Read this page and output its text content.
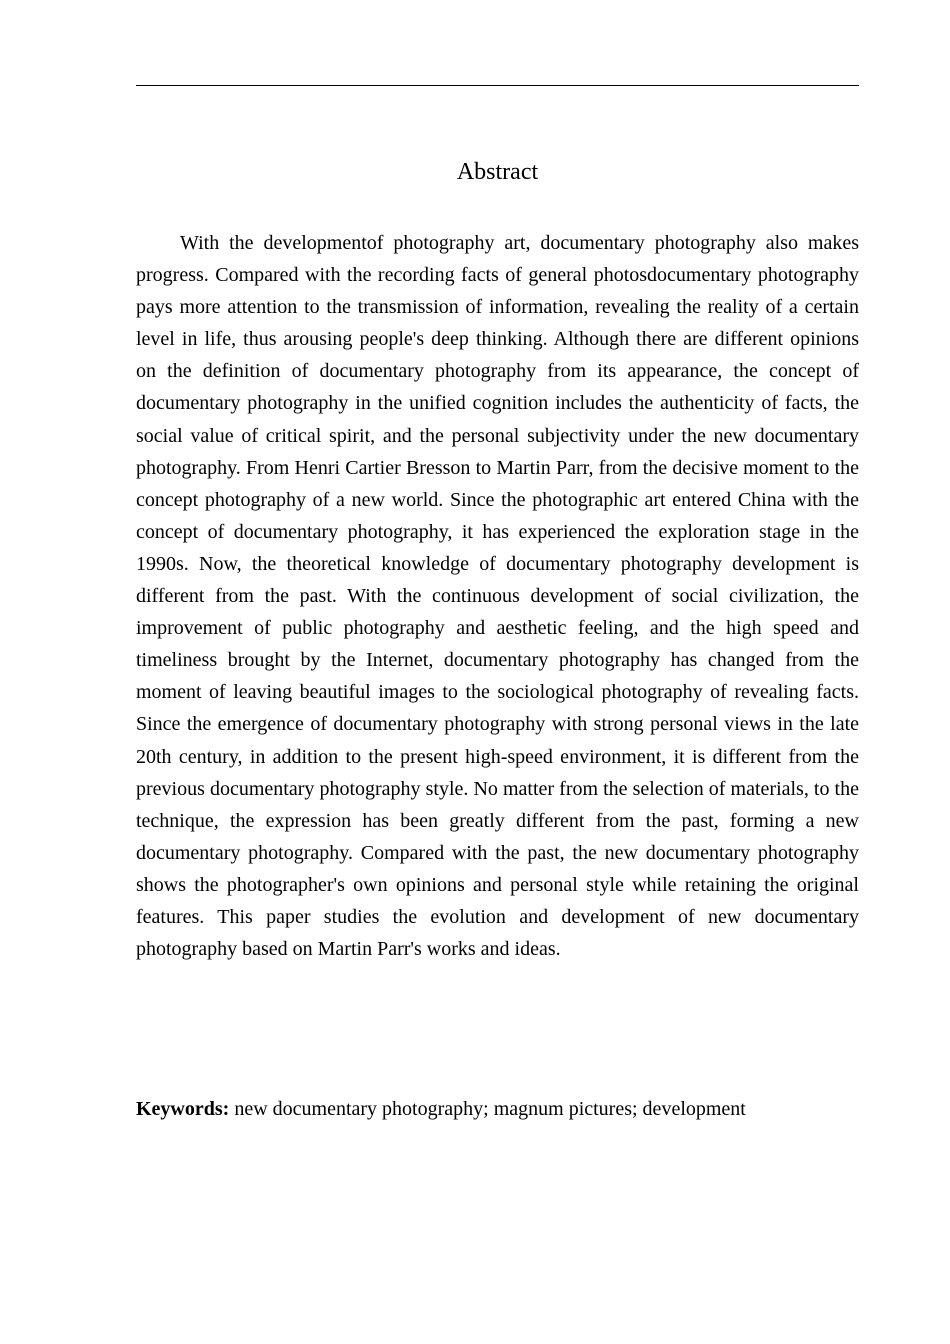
Abstract

With the developmentof photography art, documentary photography also makes progress. Compared with the recording facts of general photosdocumentary photography pays more attention to the transmission of information, revealing the reality of a certain level in life, thus arousing people's deep thinking. Although there are different opinions on the definition of documentary photography from its appearance, the concept of documentary photography in the unified cognition includes the authenticity of facts, the social value of critical spirit, and the personal subjectivity under the new documentary photography. From Henri Cartier Bresson to Martin Parr, from the decisive moment to the concept photography of a new world. Since the photographic art entered China with the concept of documentary photography, it has experienced the exploration stage in the 1990s. Now, the theoretical knowledge of documentary photography development is different from the past. With the continuous development of social civilization, the improvement of public photography and aesthetic feeling, and the high speed and timeliness brought by the Internet, documentary photography has changed from the moment of leaving beautiful images to the sociological photography of revealing facts. Since the emergence of documentary photography with strong personal views in the late 20th century, in addition to the present high-speed environment, it is different from the previous documentary photography style. No matter from the selection of materials, to the technique, the expression has been greatly different from the past, forming a new documentary photography. Compared with the past, the new documentary photography shows the photographer's own opinions and personal style while retaining the original features. This paper studies the evolution and development of new documentary photography based on Martin Parr's works and ideas.

Keywords: new documentary photography; magnum pictures; development
